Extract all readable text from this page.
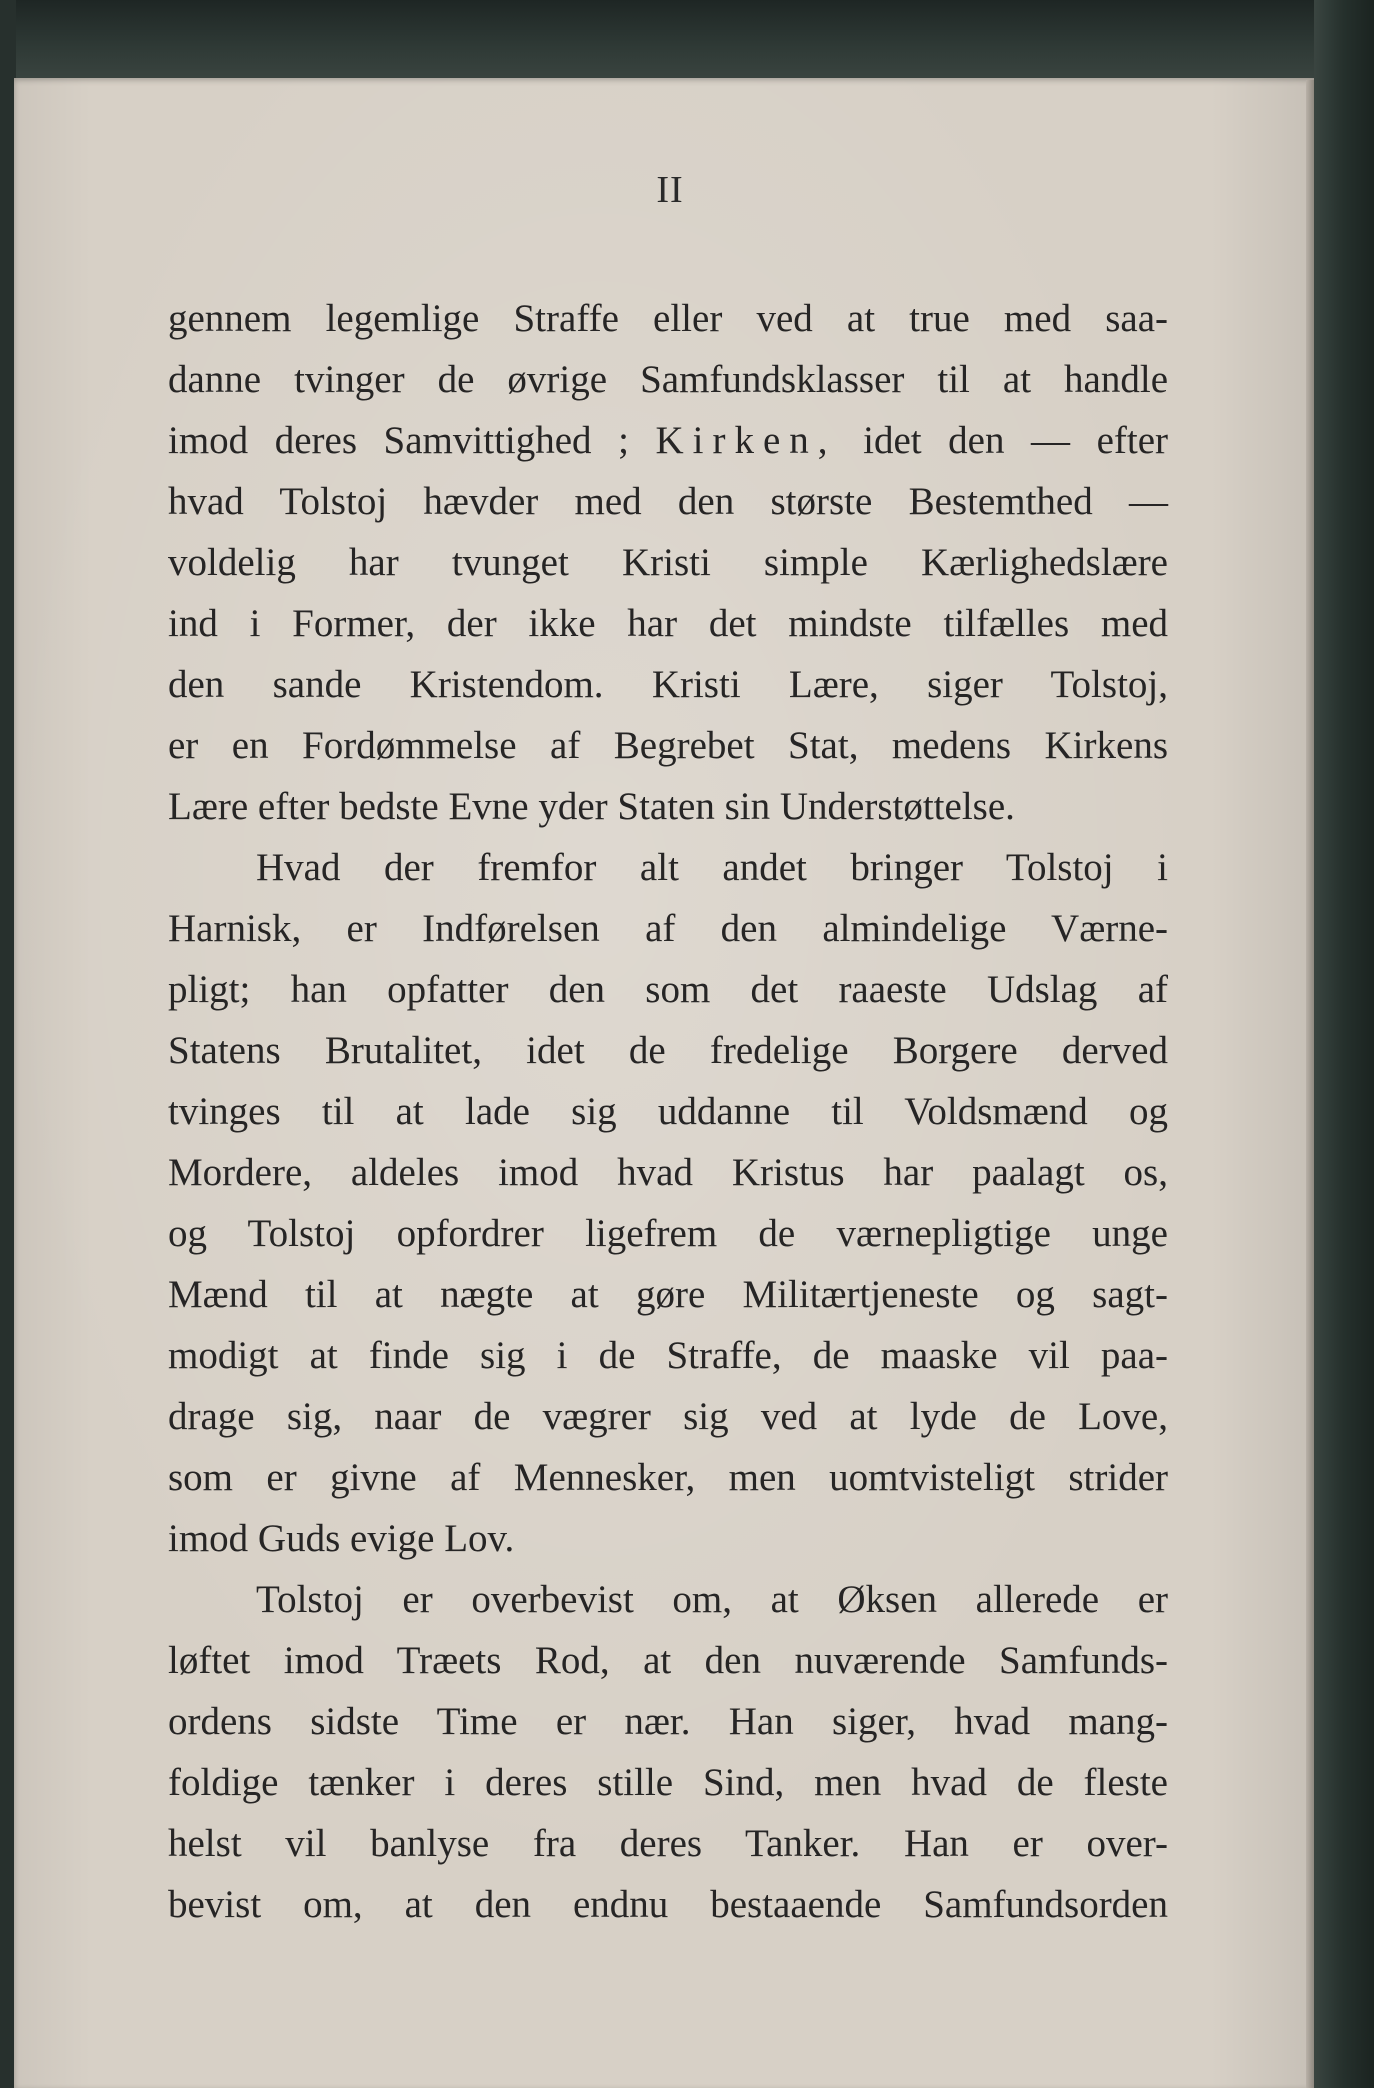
II
gennem legemlige Straffe eller ved at true med saa-
danne tvinger de øvrige Samfundsklasser til at handle
imod deres Samvittighed ; Kirken, idet den — efter
hvad Tolstoj hævder med den største Bestemthed —
voldelig har tvunget Kristi simple Kærlighedslære
ind i Former, der ikke har det mindste tilfælles med
den sande Kristendom. Kristi Lære, siger Tolstoj,
er en Fordømmelse af Begrebet Stat, medens Kirkens
Lære efter bedste Evne yder Staten sin Understøttelse.
Hvad der fremfor alt andet bringer Tolstoj i
Harnisk, er Indførelsen af den almindelige Værne-
pligt; han opfatter den som det raaeste Udslag af
Statens Brutalitet, idet de fredelige Borgere derved
tvinges til at lade sig uddanne til Voldsmænd og
Mordere, aldeles imod hvad Kristus har paalagt os,
og Tolstoj opfordrer ligefrem de værnepligtige unge
Mænd til at nægte at gøre Militærtjeneste og sagt-
modigt at finde sig i de Straffe, de maaske vil paa-
drage sig, naar de vægrer sig ved at lyde de Love,
som er givne af Mennesker, men uomtvisteligt strider
imod Guds evige Lov.
Tolstoj er overbevist om, at Øksen allerede er
løftet imod Træets Rod, at den nuværende Samfunds-
ordens sidste Time er nær. Han siger, hvad mang-
foldige tænker i deres stille Sind, men hvad de fleste
helst vil banlyse fra deres Tanker. Han er over-
bevist om, at den endnu bestaaende Samfundsorden
